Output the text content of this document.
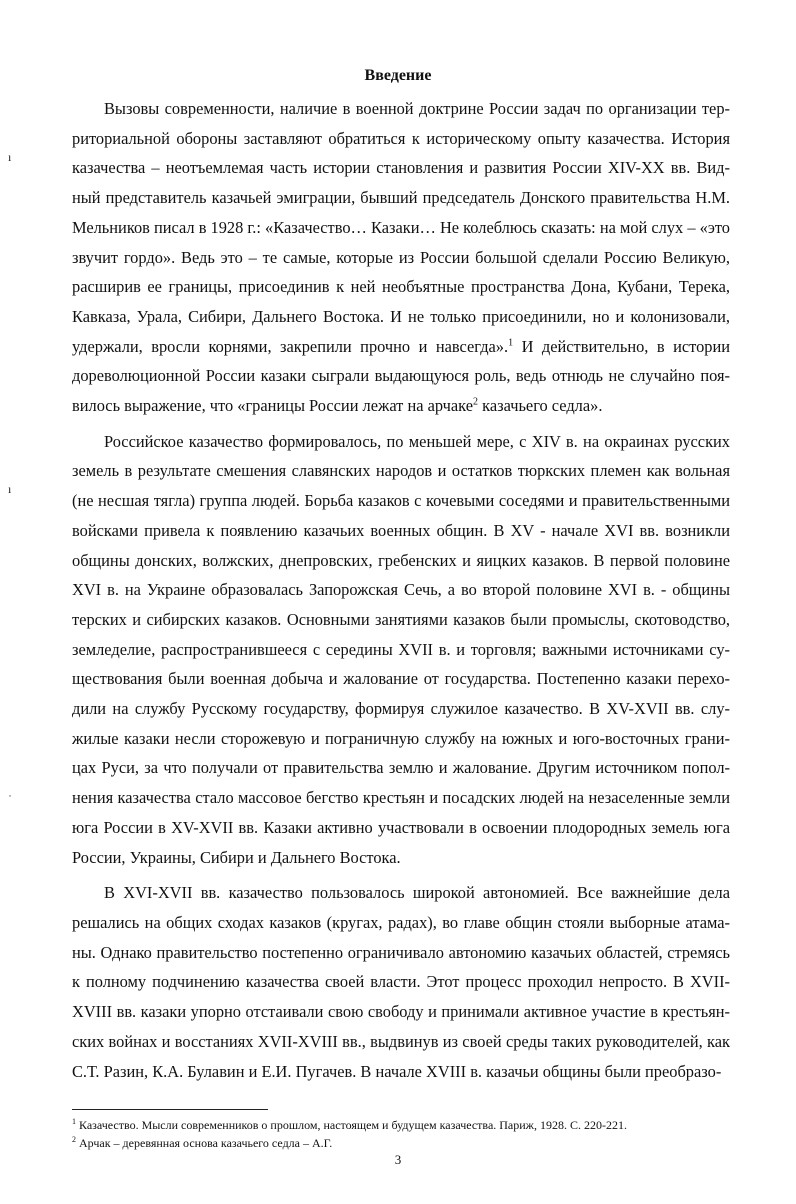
ı
ı
˙
Введение

Вызовы современности, наличие в военной доктрине России задач по организации территориальной обороны заставляют обратиться к историческому опыту казачества. История казачества – неотъемлемая часть истории становления и развития России XIV-XX вв. Видный представитель казачьей эмиграции, бывший председатель Донского правительства Н.М. Мельников писал в 1928 г.: «Казачество… Казаки… Не колеблюсь сказать: на мой слух – «это звучит гордо». Ведь это – те самые, которые из России большой сделали Россию Великую, расширив ее границы, присоединив к ней необъятные пространства Дона, Кубани, Терека, Кавказа, Урала, Сибири, Дальнего Востока. И не только присоединили, но и колонизовали, удержали, вросли корнями, закрепили прочно и навсегда».$^1$ И действительно, в истории дореволюционной России казаки сыграли выдающуюся роль, ведь отнюдь не случайно появилось выражение, что «границы России лежат на арчаке$^2$ казачьего седла».

Российское казачество формировалось, по меньшей мере, с XIV в. на окраинах русских земель в результате смешения славянских народов и остатков тюркских племен как вольная (не несшая тягла) группа людей. Борьба казаков с кочевыми соседями и правительственными войсками привела к появлению казачьих военных общин. В XV - начале XVI вв. возникли общины донских, волжских, днепровских, гребенских и яицких казаков. В первой половине XVI в. на Украине образовалась Запорожская Сечь, а во второй половине XVI в. - общины терских и сибирских казаков. Основными занятиями казаков были промыслы, скотоводство, земледелие, распространившееся с середины XVII в. и торговля; важными источниками существования были военная добыча и жалование от государства. Постепенно казаки переходили на службу Русскому государству, формируя служилое казачество. В XV-XVII вв. служилые казаки несли сторожевую и пограничную службу на южных и юго-восточных границах Руси, за что получали от правительства землю и жалование. Другим источником пополнения казачества стало массовое бегство крестьян и посадских людей на незаселенные земли юга России в XV-XVII вв. Казаки активно участвовали в освоении плодородных земель юга России, Украины, Сибири и Дальнего Востока.

В XVI-XVII вв. казачество пользовалось широкой автономией. Все важнейшие дела решались на общих сходах казаков (кругах, радах), во главе общин стояли выборные атаманы. Однако правительство постепенно ограничивало автономию казачьих областей, стремясь к полному подчинению казачества своей власти. Этот процесс проходил непросто. В XVII-XVIII вв. казаки упорно отстаивали свою свободу и принимали активное участие в крестьянских войнах и восстаниях XVII-XVIII вв., выдвинув из своей среды таких руководителей, как С.Т. Разин, К.А. Булавин и Е.И. Пугачев. В начале XVIII в. казачьи общины были преобразо-

$^1$ Казачество. Мысли современников о прошлом, настоящем и будущем казачества. Париж, 1928. С. 220-221.
$^2$ Арчак – деревянная основа казачьего седла – А.Г.
3
